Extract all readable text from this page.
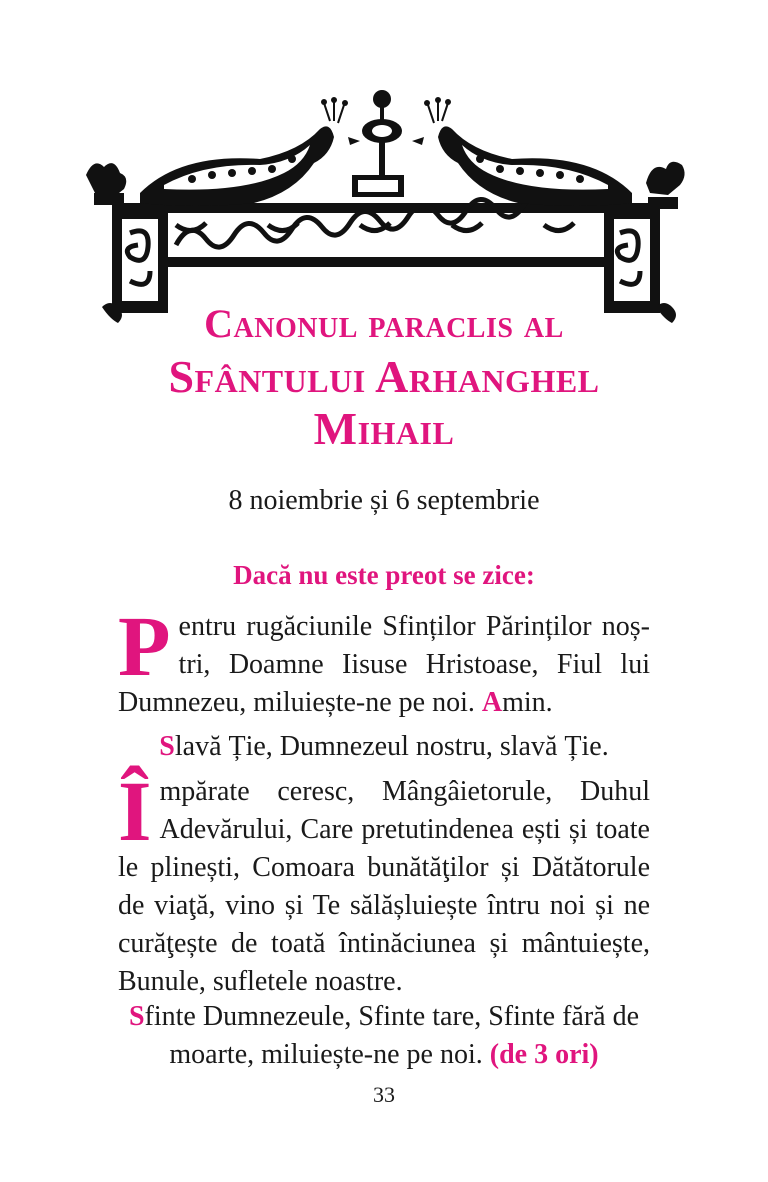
Canonul paraclis al
Sfântului Arhanghel
Mihail
8 noiembrie și 6 septembrie
Dacă nu este preot se zice:
Pentru rugăciunile Sfinților Părinților noș-tri, Doamne Iisuse Hristoase, Fiul lui Dumnezeu, miluiește-ne pe noi. Amin.
Slavă Ție, Dumnezeul nostru, slavă Ție.
Împărate ceresc, Mângâietorule, Duhul Adevărului, Care pretutindenea ești și toate le plinești, Comoara bunătăţilor și Dătătorule de viaţă, vino și Te sălășluiește întru noi și ne curăţește de toată întinăciunea și mântuiește, Bunule, sufletele noastre.
Sfinte Dumnezeule, Sfinte tare, Sfinte fără de moarte, miluiește-ne pe noi. (de 3 ori)
33
